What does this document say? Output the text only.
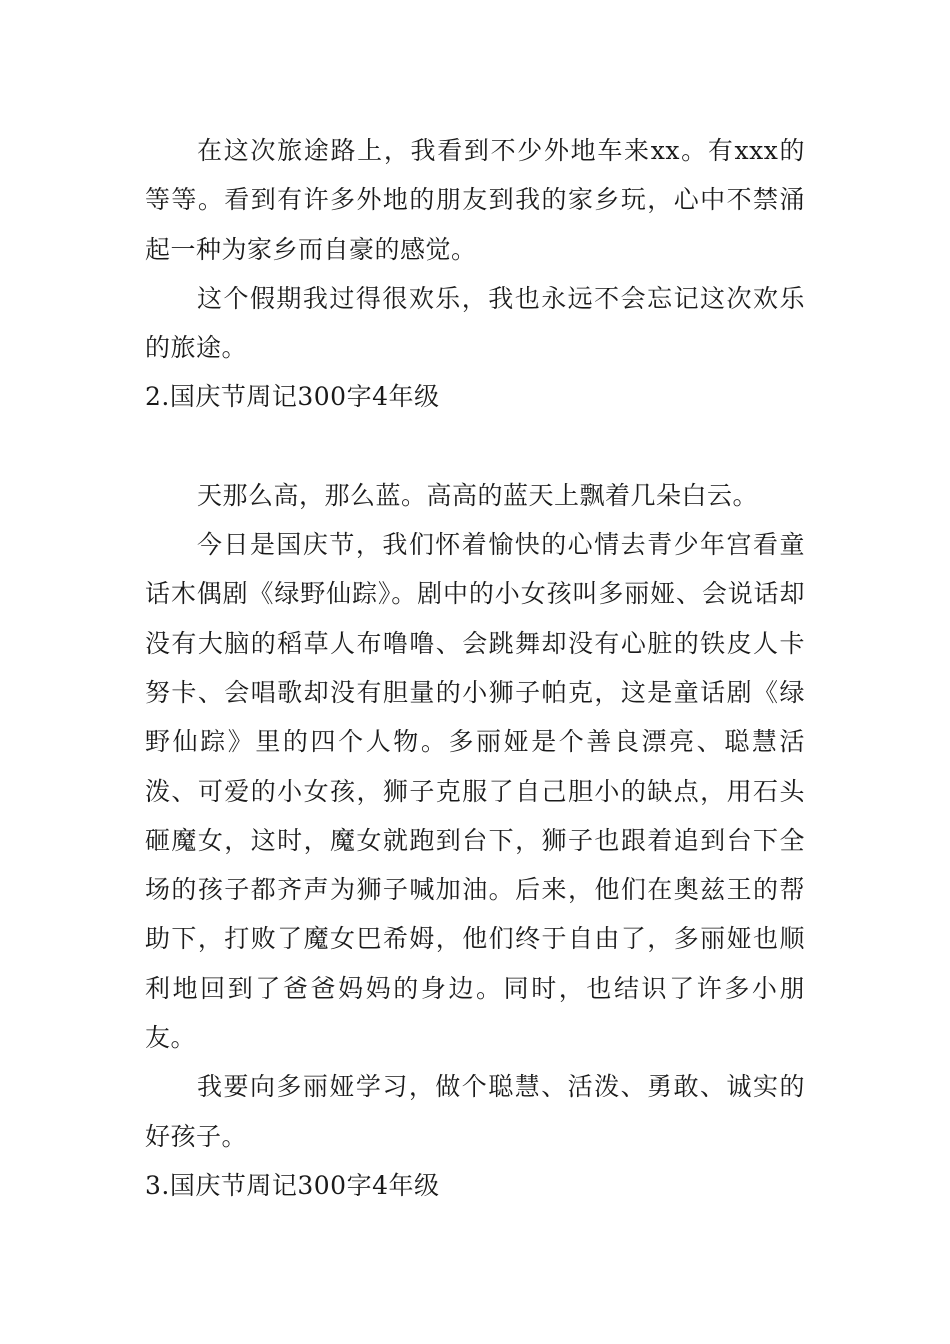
在这次旅途路上，我看到不少外地车来xx。有xxx的等等。看到有许多外地的朋友到我的家乡玩，心中不禁涌起一种为家乡而自豪的感觉。

这个假期我过得很欢乐，我也永远不会忘记这次欢乐的旅途。

2.国庆节周记300字4年级

天那么高，那么蓝。高高的蓝天上飘着几朵白云。

今日是国庆节，我们怀着愉快的心情去青少年宫看童话木偶剧《绿野仙踪》。剧中的小女孩叫多丽娅、会说话却没有大脑的稻草人布噜噜、会跳舞却没有心脏的铁皮人卡努卡、会唱歌却没有胆量的小狮子帕克，这是童话剧《绿野仙踪》里的四个人物。多丽娅是个善良漂亮、聪慧活泼、可爱的小女孩，狮子克服了自己胆小的缺点，用石头砸魔女，这时，魔女就跑到台下，狮子也跟着追到台下全场的孩子都齐声为狮子喊加油。后来，他们在奥兹王的帮助下，打败了魔女巴希姆，他们终于自由了，多丽娅也顺利地回到了爸爸妈妈的身边。同时，也结识了许多小朋友。

我要向多丽娅学习，做个聪慧、活泼、勇敢、诚实的好孩子。

3.国庆节周记300字4年级
